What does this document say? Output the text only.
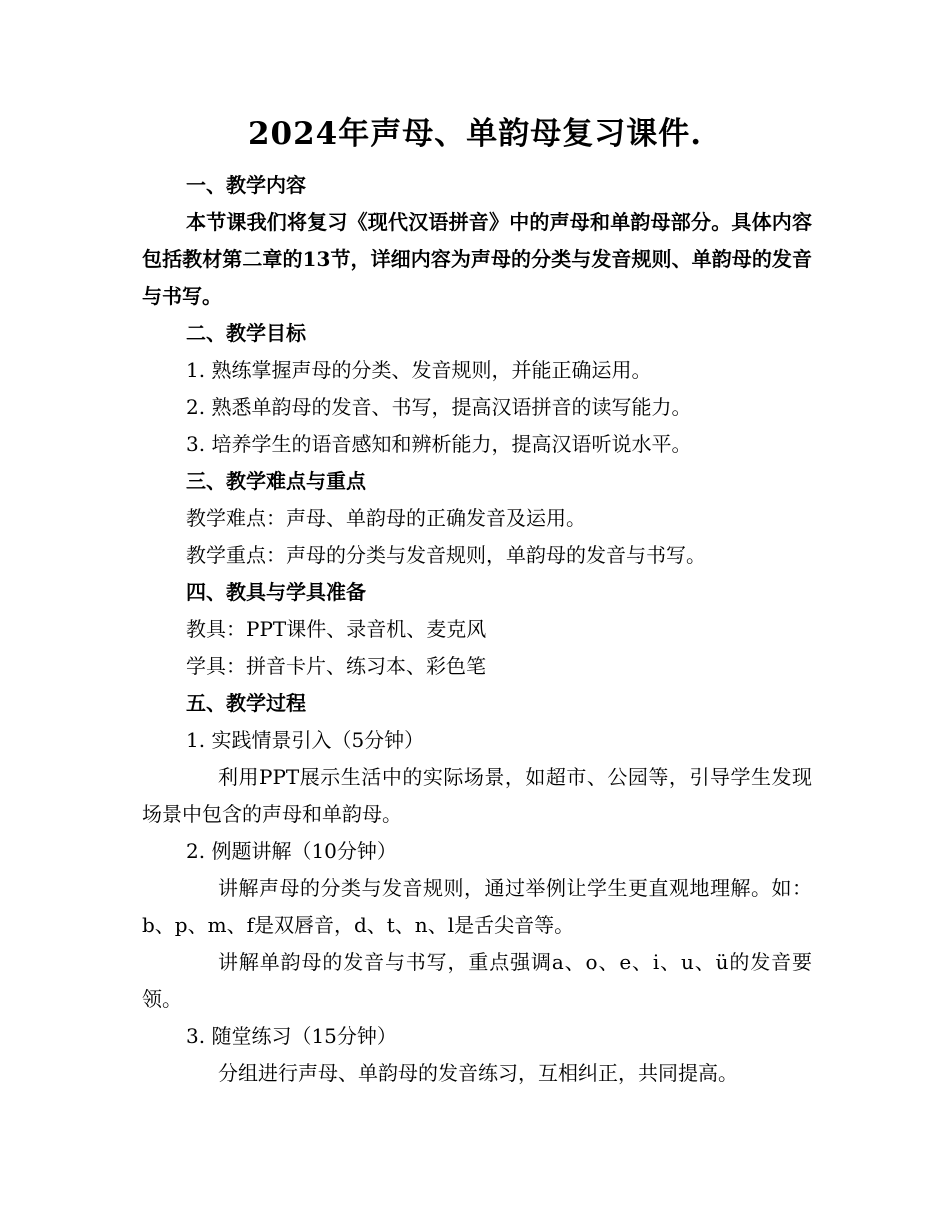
2024年声母、单韵母复习课件.
一、教学内容

本节课我们将复习《现代汉语拼音》中的声母和单韵母部分。具体内容包括教材第二章的13节，详细内容为声母的分类与发音规则、单韵母的发音与书写。

二、教学目标
1. 熟练掌握声母的分类、发音规则，并能正确运用。
2. 熟悉单韵母的发音、书写，提高汉语拼音的读写能力。
3. 培养学生的语音感知和辨析能力，提高汉语听说水平。
三、教学难点与重点
教学难点：声母、单韵母的正确发音及运用。
教学重点：声母的分类与发音规则，单韵母的发音与书写。
四、教具与学具准备
教具：PPT课件、录音机、麦克风
学具：拼音卡片、练习本、彩色笔
五、教学过程
1. 实践情景引入（5分钟）

利用PPT展示生活中的实际场景，如超市、公园等，引导学生发现场景中包含的声母和单韵母。

2. 例题讲解（10分钟）

讲解声母的分类与发音规则，通过举例让学生更直观地理解。如：b、p、m、f是双唇音，d、t、n、l是舌尖音等。

讲解单韵母的发音与书写，重点强调a、o、e、i、u、ü的发音要领。

3. 随堂练习（15分钟）

分组进行声母、单韵母的发音练习，互相纠正，共同提高。
